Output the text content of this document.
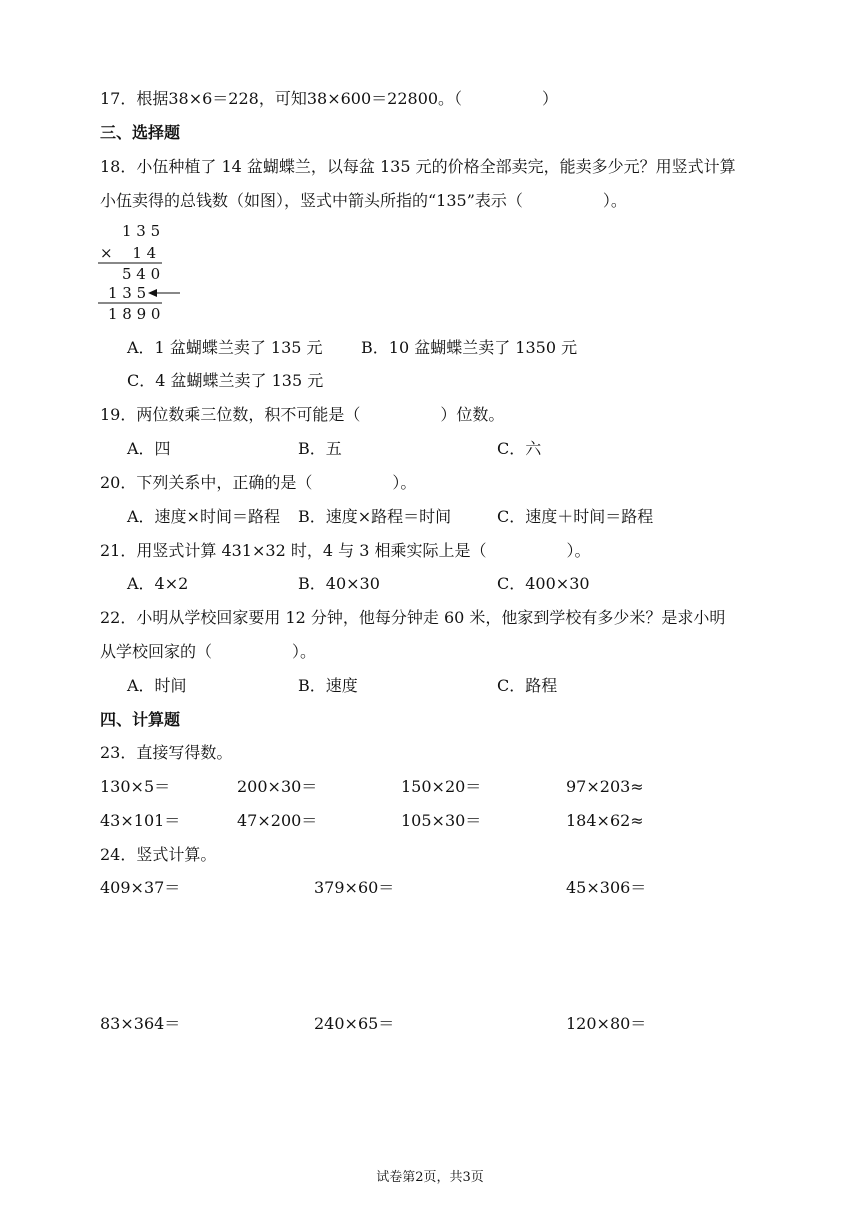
17．根据38×6＝228，可知38×600＝22800。（　　　　　）
三、选择题
18．小伍种植了 14 盆蝴蝶兰，以每盆 135 元的价格全部卖完，能卖多少元？用竖式计算
小伍卖得的总钱数（如图），竖式中箭头所指的“135”表示（　　　　　）。
1 3 5
× 　1 4
5 4 0
1 3 5
1 8 9 0
A．1 盆蝴蝶兰卖了 135 元 B．10 盆蝴蝶兰卖了 1350 元
C．4 盆蝴蝶兰卖了 135 元
19．两位数乘三位数，积不可能是（　　　　　）位数。
A．四	B．五	C．六
20．下列关系中，正确的是（　　　　　）。
A．速度×时间＝路程 B．速度×路程＝时间	C．速度＋时间＝路程
21．用竖式计算 431×32 时，4 与 3 相乘实际上是（　　　　　）。
A．4×2	B．40×30	C．400×30
22．小明从学校回家要用 12 分钟，他每分钟走 60 米，他家到学校有多少米？是求小明
从学校回家的（　　　　　）。
A．时间	B．速度	C．路程
四、计算题
23．直接写得数。
130×5＝	200×30＝	150×20＝	97×203≈
43×101＝	47×200＝	105×30＝	184×62≈
24．竖式计算。
409×37＝	379×60＝	45×306＝
83×364＝	240×65＝	120×80＝
试卷第2页，共3页
